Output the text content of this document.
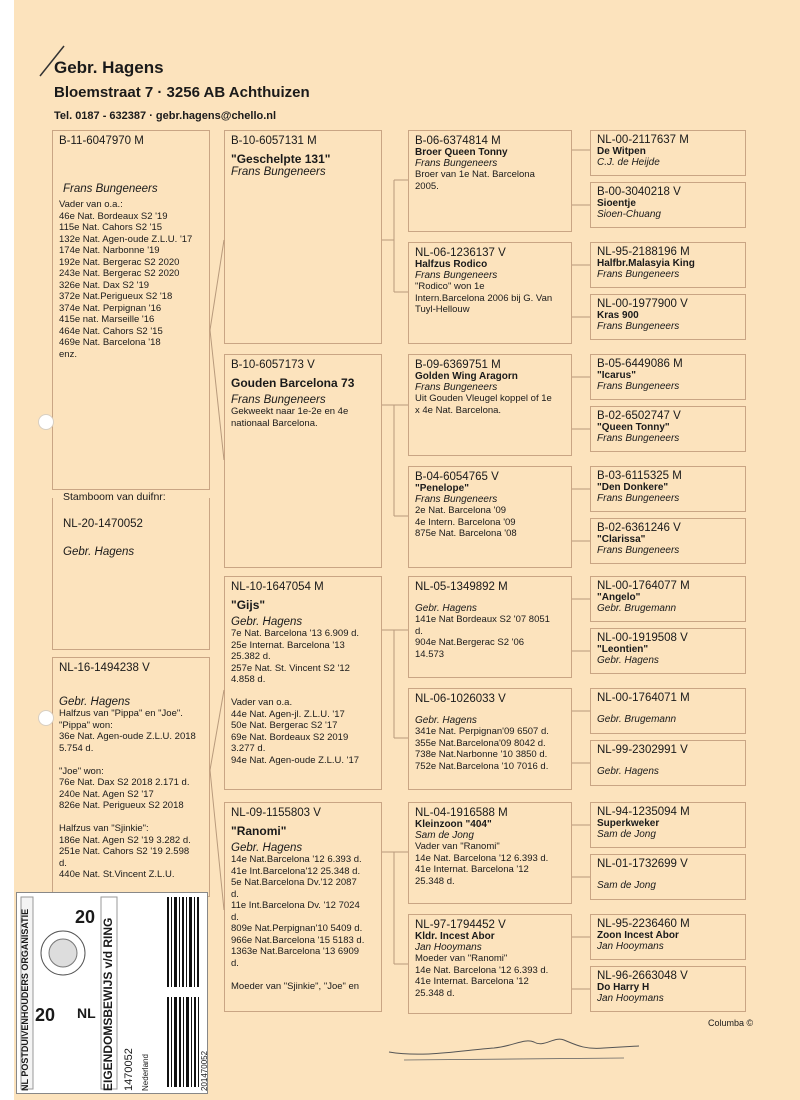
Gebr. Hagens
Bloemstraat 7 · 3256 AB Achthuizen
Tel. 0187 - 632387 · gebr.hagens@chello.nl
B-11-6047970 M
Frans Bungeneers
Vader van o.a.:
46e Nat. Bordeaux S2 '19
115e Nat. Cahors S2 '15
132e Nat. Agen-oude Z.L.U. '17
174e Nat. Narbonne '19
192e Nat. Bergerac S2 2020
243e Nat. Bergerac S2 2020
326e Nat. Dax S2 '19
372e Nat.Perigueux S2 '18
374e Nat. Perpignan '16
415e nat. Marseille '16
464e Nat. Cahors S2 '15
469e Nat. Barcelona '18
enz.
Stamboom van duifnr:
NL-20-1470052
Gebr. Hagens
NL-16-1494238 V
Gebr. Hagens
Halfzus van "Pippa" en "Joe".
"Pippa" won:
36e Nat. Agen-oude Z.L.U. 2018
5.754 d.

"Joe" won:
76e Nat. Dax S2 2018 2.171 d.
240e Nat. Agen S2 '17
826e Nat. Perigueux S2 2018

Halfzus van "Sjinkie":
186e Nat. Agen S2 '19 3.282 d.
251e Nat. Cahors S2 '19 2.598
d.
440e Nat. St.Vincent Z.L.U.
B-10-6057131 M
"Geschelpte 131"
Frans Bungeneers
B-10-6057173 V
Gouden Barcelona 73
Frans Bungeneers
Gekweekt naar 1e-2e en 4e
nationaal Barcelona.
NL-10-1647054 M
"Gijs"
Gebr. Hagens
7e Nat. Barcelona '13 6.909 d.
25e Internat. Barcelona '13
25.382 d.
257e Nat. St. Vincent S2 '12
4.858 d.

Vader van o.a.
44e Nat. Agen-jl. Z.L.U. '17
50e Nat. Bergerac S2 '17
69e Nat. Bordeaux S2 2019
3.277 d.
94e Nat. Agen-oude Z.L.U. '17
NL-09-1155803 V
"Ranomi"
Gebr. Hagens
14e Nat.Barcelona '12 6.393 d.
41e Int.Barcelona'12 25.348 d.
5e Nat.Barcelona Dv.'12 2087
d.
11e Int.Barcelona Dv. '12 7024
d.
809e Nat.Perpignan'10 5409 d.
966e Nat.Barcelona '15 5183 d.
1363e Nat.Barcelona '13 6909
d.

Moeder van "Sjinkie", "Joe" en
B-06-6374814 M
Broer Queen Tonny
Frans Bungeneers
Broer van 1e Nat. Barcelona
2005.
NL-06-1236137 V
Halfzus Rodico
Frans Bungeneers
"Rodico" won 1e
Intern.Barcelona 2006 bij G. Van
Tuyl-Hellouw
B-09-6369751 M
Golden Wing Aragorn
Frans Bungeneers
Uit Gouden Vleugel koppel of 1e
x 4e Nat. Barcelona.
B-04-6054765 V
"Penelope"
Frans Bungeneers
2e Nat. Barcelona '09
4e Intern. Barcelona '09
875e Nat. Barcelona '08
NL-05-1349892 M
Gebr. Hagens
141e Nat Bordeaux S2 '07 8051
d.
904e Nat.Bergerac S2 '06
14.573
NL-06-1026033 V
Gebr. Hagens
341e Nat. Perpignan'09 6507 d.
355e Nat.Barcelona'09 8042 d.
738e Nat.Narbonne '10 3850 d.
752e Nat.Barcelona '10 7016 d.
NL-04-1916588 M
Kleinzoon "404"
Sam de Jong
Vader van "Ranomi"
14e Nat. Barcelona '12 6.393 d.
41e Internat. Barcelona '12
25.348 d.
NL-97-1794452 V
Kldr. Incest Abor
Jan Hooymans
Moeder van "Ranomi"
14e Nat. Barcelona '12 6.393 d.
41e Internat. Barcelona '12
25.348 d.
NL-00-2117637 M
De Witpen
C.J. de Heijde
B-00-3040218 V
Sioentje
Sioen-Chuang
NL-95-2188196 M
Halfbr.Malasyia King
Frans Bungeneers
NL-00-1977900 V
Kras 900
Frans Bungeneers
B-05-6449086 M
"Icarus"
Frans Bungeneers
B-02-6502747 V
"Queen Tonny"
Frans Bungeneers
B-03-6115325 M
"Den Donkere"
Frans Bungeneers
B-02-6361246 V
"Clarissa"
Frans Bungeneers
NL-00-1764077 M
"Angelo"
Gebr. Brugemann
NL-00-1919508 V
"Leontien"
Gebr. Hagens
NL-00-1764071 M
Gebr. Brugemann
NL-99-2302991 V
Gebr. Hagens
NL-94-1235094 M
Superkweker
Sam de Jong
NL-01-1732699 V
Sam de Jong
NL-95-2236460 M
Zoon Incest Abor
Jan Hooymans
NL-96-2663048 V
Do Harry H
Jan Hooymans
Columba ©
NL POSTDUIVENHOUDERS ORGANISATIE	EIGENDOMSBEWIJS v/d RING
20
20
NL
1470052 Nederland	201470052
